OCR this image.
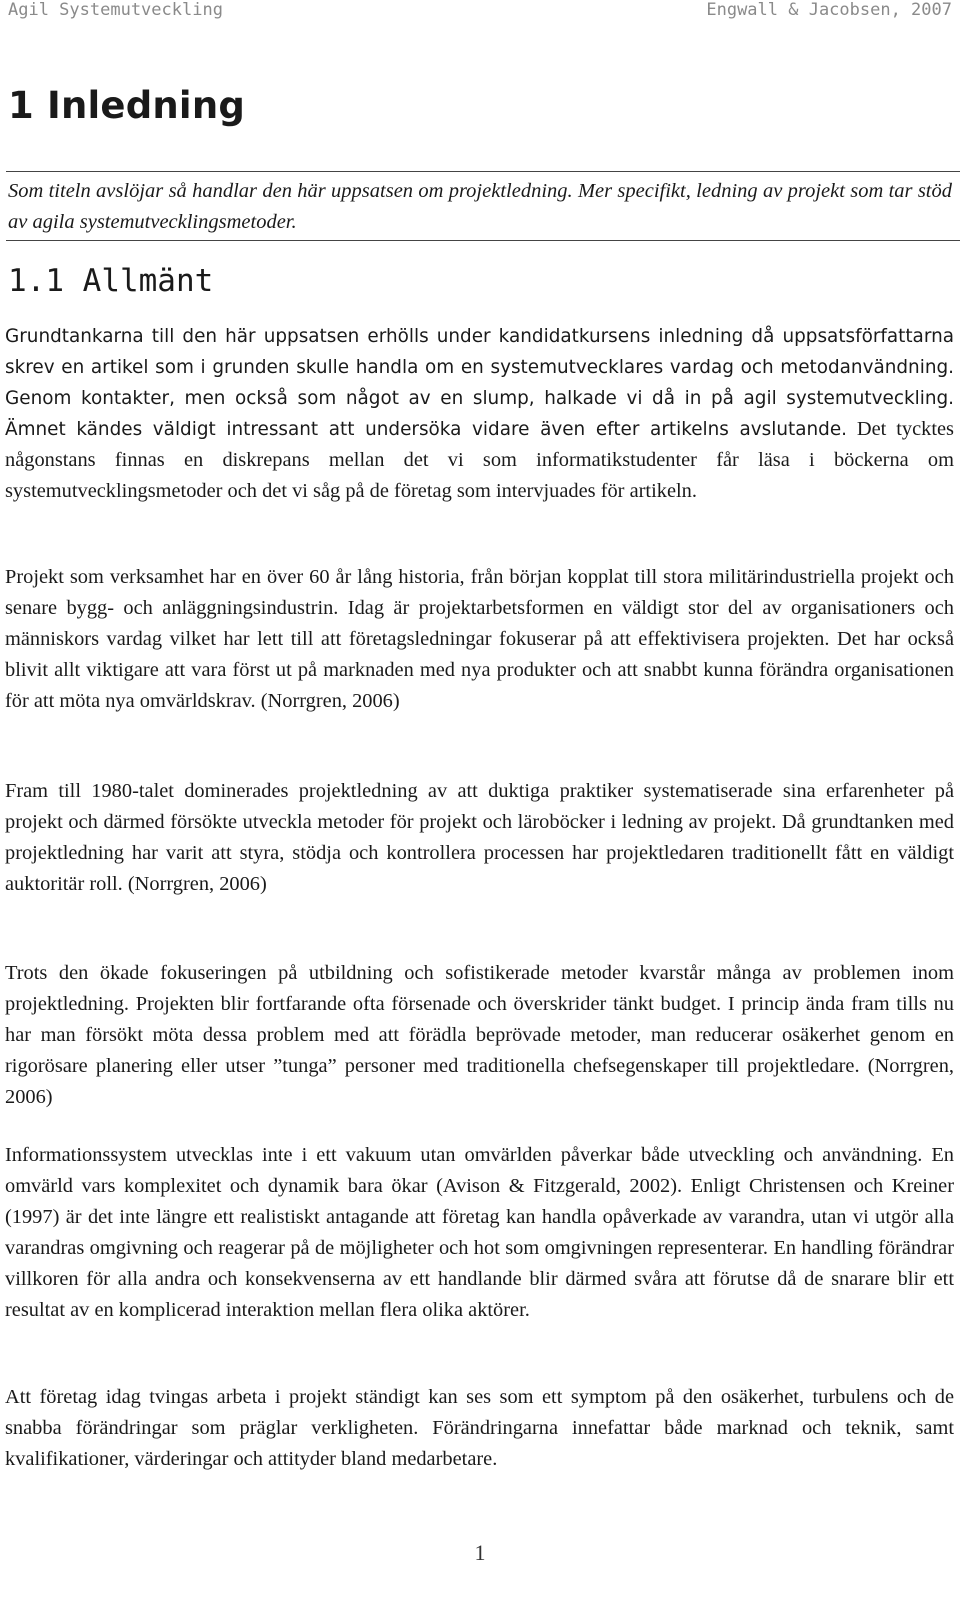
Agil Systemutveckling	Engwall & Jacobsen, 2007
1 Inledning

Som titeln avslöjar så handlar den här uppsatsen om projektledning. Mer specifikt, ledning av projekt som tar stöd av agila systemutvecklingsmetoder.

1.1 Allmänt

Grundtankarna till den här uppsatsen erhölls under kandidatkursens inledning då uppsatsförfattarna skrev en artikel som i grunden skulle handla om en systemutvecklares vardag och metodanvändning. Genom kontakter, men också som något av en slump, halkade vi då in på agil systemutveckling. Ämnet kändes väldigt intressant att undersöka vidare även efter artikelns avslutande. Det tycktes någonstans finnas en diskrepans mellan det vi som informatikstudenter får läsa i böckerna om systemutvecklingsmetoder och det vi såg på de företag som intervjuades för artikeln.

Projekt som verksamhet har en över 60 år lång historia, från början kopplat till stora militärindustriella projekt och senare bygg- och anläggningsindustrin. Idag är projektarbetsformen en väldigt stor del av organisationers och människors vardag vilket har lett till att företagsledningar fokuserar på att effektivisera projekten. Det har också blivit allt viktigare att vara först ut på marknaden med nya produkter och att snabbt kunna förändra organisationen för att möta nya omvärldskrav. (Norrgren, 2006)

Fram till 1980-talet dominerades projektledning av att duktiga praktiker systematiserade sina erfarenheter på projekt och därmed försökte utveckla metoder för projekt och läroböcker i ledning av projekt. Då grundtanken med projektledning har varit att styra, stödja och kontrollera processen har projektledaren traditionellt fått en väldigt auktoritär roll. (Norrgren, 2006)

Trots den ökade fokuseringen på utbildning och sofistikerade metoder kvarstår många av problemen inom projektledning. Projekten blir fortfarande ofta försenade och överskrider tänkt budget. I princip ända fram tills nu har man försökt möta dessa problem med att förädla beprövade metoder, man reducerar osäkerhet genom en rigorösare planering eller utser ”tunga” personer med traditionella chefsegenskaper till projektledare. (Norrgren, 2006)

Informationssystem utvecklas inte i ett vakuum utan omvärlden påverkar både utveckling och användning. En omvärld vars komplexitet och dynamik bara ökar (Avison & Fitzgerald, 2002). Enligt Christensen och Kreiner (1997) är det inte längre ett realistiskt antagande att företag kan handla opåverkade av varandra, utan vi utgör alla varandras omgivning och reagerar på de möjligheter och hot som omgivningen representerar. En handling förändrar villkoren för alla andra och konsekvenserna av ett handlande blir därmed svåra att förutse då de snarare blir ett resultat av en komplicerad interaktion mellan flera olika aktörer.

Att företag idag tvingas arbeta i projekt ständigt kan ses som ett symptom på den osäkerhet, turbulens och de snabba förändringar som präglar verkligheten. Förändringarna innefattar både marknad och teknik, samt kvalifikationer, värderingar och attityder bland medarbetare.

1
